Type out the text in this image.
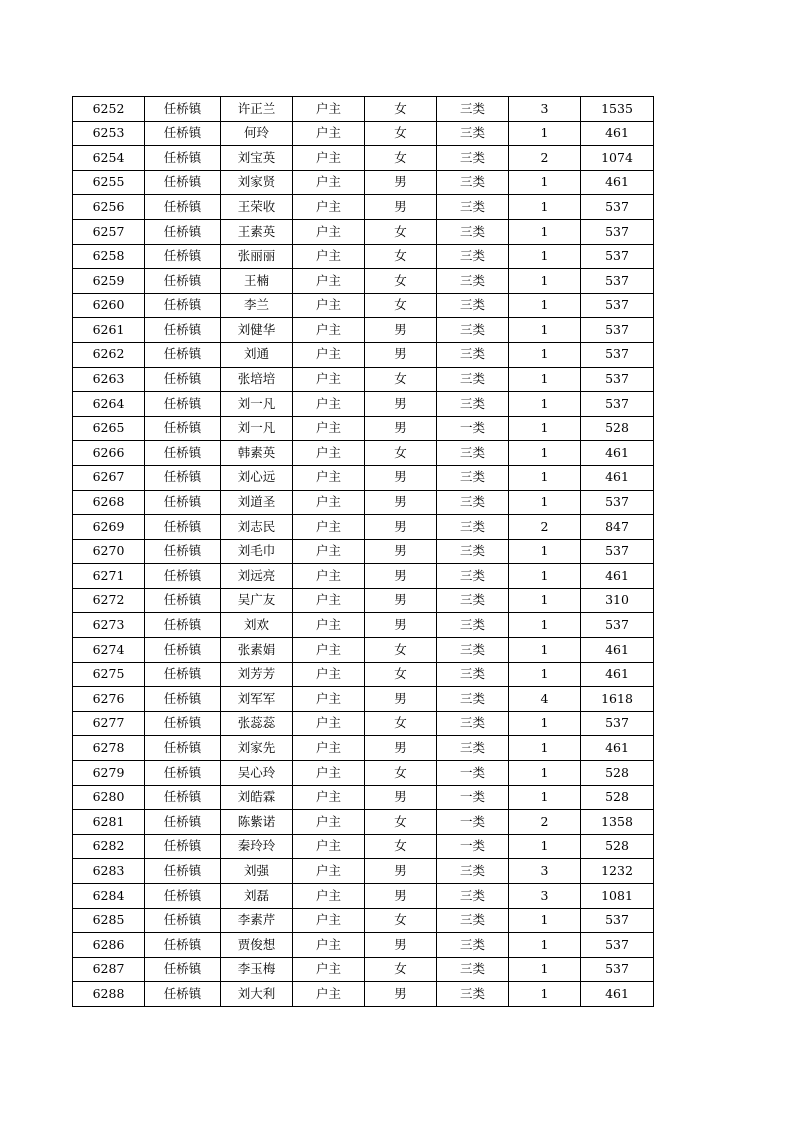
6252	任桥镇	许正兰	户主	女	三类	3	1535
6253	任桥镇	何玲	户主	女	三类	1	461
6254	任桥镇	刘宝英	户主	女	三类	2	1074
6255	任桥镇	刘家贤	户主	男	三类	1	461
6256	任桥镇	王荣收	户主	男	三类	1	537
6257	任桥镇	王素英	户主	女	三类	1	537
6258	任桥镇	张丽丽	户主	女	三类	1	537
6259	任桥镇	王楠	户主	女	三类	1	537
6260	任桥镇	李兰	户主	女	三类	1	537
6261	任桥镇	刘健华	户主	男	三类	1	537
6262	任桥镇	刘通	户主	男	三类	1	537
6263	任桥镇	张培培	户主	女	三类	1	537
6264	任桥镇	刘一凡	户主	男	三类	1	537
6265	任桥镇	刘一凡	户主	男	一类	1	528
6266	任桥镇	韩素英	户主	女	三类	1	461
6267	任桥镇	刘心远	户主	男	三类	1	461
6268	任桥镇	刘道圣	户主	男	三类	1	537
6269	任桥镇	刘志民	户主	男	三类	2	847
6270	任桥镇	刘毛巾	户主	男	三类	1	537
6271	任桥镇	刘远亮	户主	男	三类	1	461
6272	任桥镇	吴广友	户主	男	三类	1	310
6273	任桥镇	刘欢	户主	男	三类	1	537
6274	任桥镇	张素娟	户主	女	三类	1	461
6275	任桥镇	刘芳芳	户主	女	三类	1	461
6276	任桥镇	刘军军	户主	男	三类	4	1618
6277	任桥镇	张蕊蕊	户主	女	三类	1	537
6278	任桥镇	刘家先	户主	男	三类	1	461
6279	任桥镇	吴心玲	户主	女	一类	1	528
6280	任桥镇	刘皓霖	户主	男	一类	1	528
6281	任桥镇	陈紫诺	户主	女	一类	2	1358
6282	任桥镇	秦玲玲	户主	女	一类	1	528
6283	任桥镇	刘强	户主	男	三类	3	1232
6284	任桥镇	刘磊	户主	男	三类	3	1081
6285	任桥镇	李素芹	户主	女	三类	1	537
6286	任桥镇	贾俊想	户主	男	三类	1	537
6287	任桥镇	李玉梅	户主	女	三类	1	537
6288	任桥镇	刘大利	户主	男	三类	1	461
